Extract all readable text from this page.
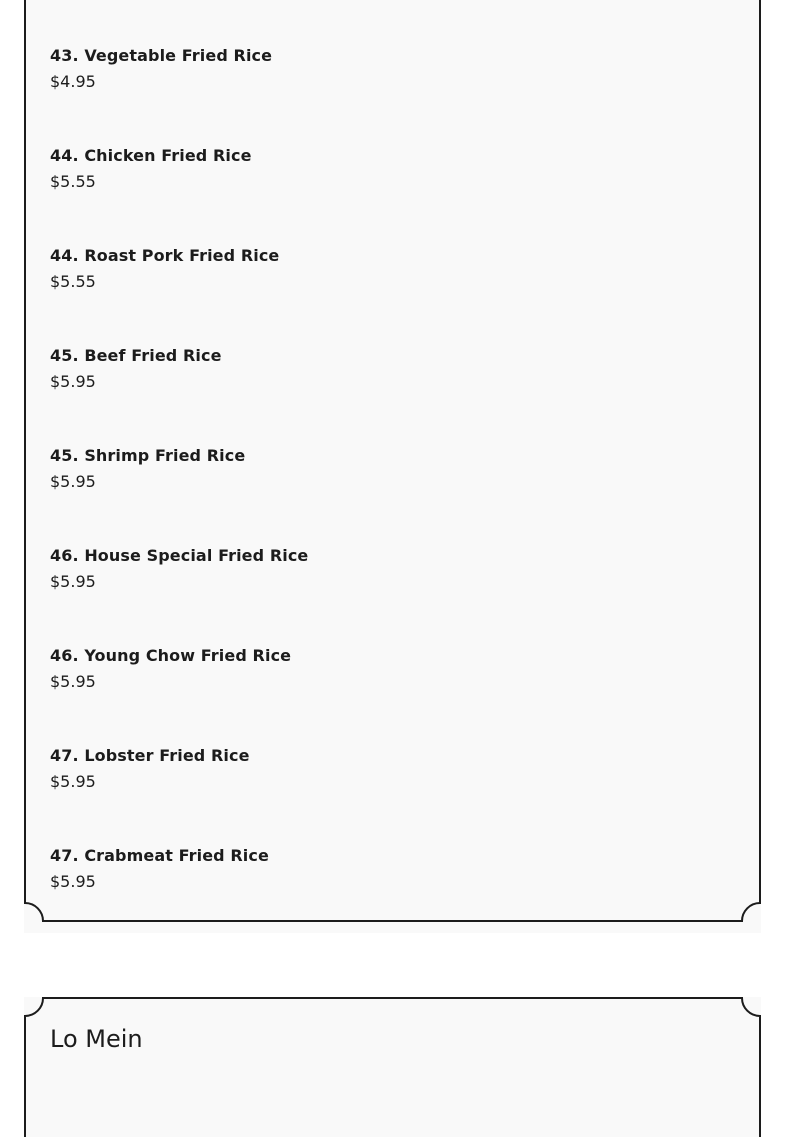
43. Vegetable Fried Rice
$4.95
44. Chicken Fried Rice
$5.55
44. Roast Pork Fried Rice
$5.55
45. Beef Fried Rice
$5.95
45. Shrimp Fried Rice
$5.95
46. House Special Fried Rice
$5.95
46. Young Chow Fried Rice
$5.95
47. Lobster Fried Rice
$5.95
47. Crabmeat Fried Rice
$5.95
Lo Mein
